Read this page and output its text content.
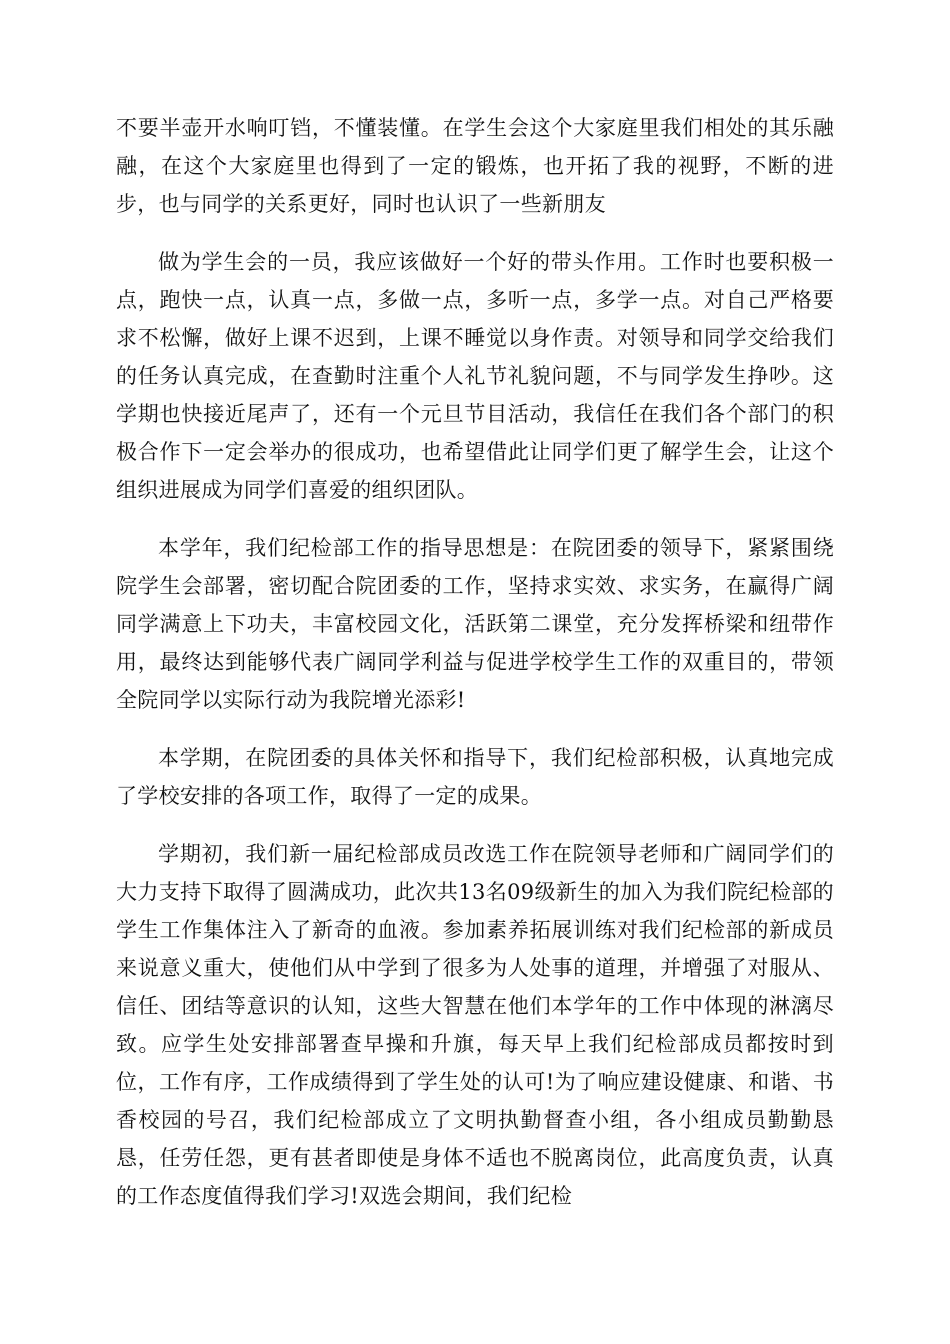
不要半壶开水响叮铛，不懂装懂。在学生会这个大家庭里我们相处的其乐融融，在这个大家庭里也得到了一定的锻炼，也开拓了我的视野，不断的进步，也与同学的关系更好，同时也认识了一些新朋友

做为学生会的一员，我应该做好一个好的带头作用。工作时也要积极一点，跑快一点，认真一点，多做一点，多听一点，多学一点。对自己严格要求不松懈，做好上课不迟到，上课不睡觉以身作责。对领导和同学交给我们的任务认真完成，在查勤时注重个人礼节礼貌问题，不与同学发生挣吵。这学期也快接近尾声了，还有一个元旦节目活动，我信任在我们各个部门的积极合作下一定会举办的很成功，也希望借此让同学们更了解学生会，让这个组织进展成为同学们喜爱的组织团队。

本学年，我们纪检部工作的指导思想是：在院团委的领导下，紧紧围绕院学生会部署，密切配合院团委的工作，坚持求实效、求实务，在赢得广阔同学满意上下功夫，丰富校园文化，活跃第二课堂，充分发挥桥梁和纽带作用，最终达到能够代表广阔同学利益与促进学校学生工作的双重目的，带领全院同学以实际行动为我院增光添彩!

本学期，在院团委的具体关怀和指导下，我们纪检部积极，认真地完成了学校安排的各项工作，取得了一定的成果。

学期初，我们新一届纪检部成员改选工作在院领导老师和广阔同学们的大力支持下取得了圆满成功，此次共13名09级新生的加入为我们院纪检部的学生工作集体注入了新奇的血液。参加素养拓展训练对我们纪检部的新成员来说意义重大，使他们从中学到了很多为人处事的道理，并增强了对服从、信任、团结等意识的认知，这些大智慧在他们本学年的工作中体现的淋漓尽致。应学生处安排部署查早操和升旗，每天早上我们纪检部成员都按时到位，工作有序，工作成绩得到了学生处的认可!为了响应建设健康、和谐、书香校园的号召，我们纪检部成立了文明执勤督查小组，各小组成员勤勤恳恳，任劳任怨，更有甚者即使是身体不适也不脱离岗位，此高度负责，认真的工作态度值得我们学习!双选会期间，我们纪检
